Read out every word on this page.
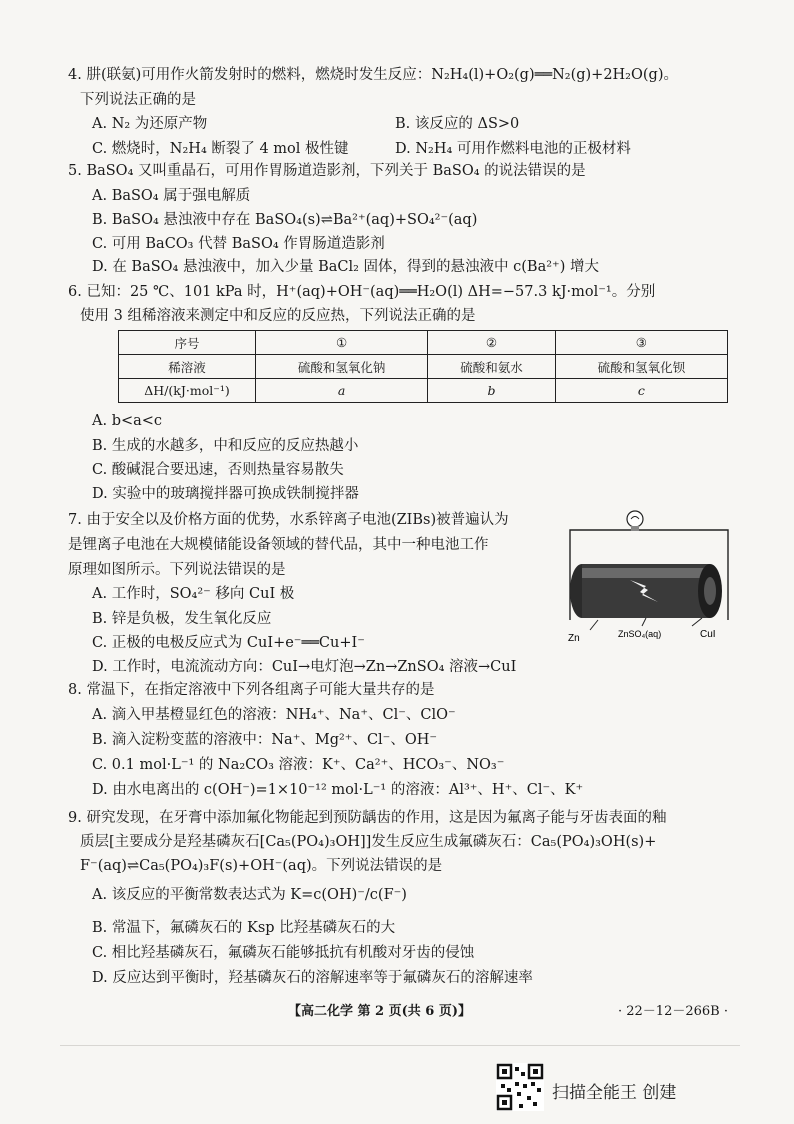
4. 肼(联氨)可用作火箭发射时的燃料，燃烧时发生反应：N₂H₄(l)+O₂(g)══N₂(g)+2H₂O(g)。
下列说法正确的是
A. N₂ 为还原产物	B. 该反应的 ΔS>0
C. 燃烧时，N₂H₄ 断裂了 4 mol 极性键	D. N₂H₄ 可用作燃料电池的正极材料
5. BaSO₄ 又叫重晶石，可用作胃肠道造影剂，下列关于 BaSO₄ 的说法错误的是
A. BaSO₄ 属于强电解质
B. BaSO₄ 悬浊液中存在 BaSO₄(s)⇌Ba²⁺(aq)+SO₄²⁻(aq)
C. 可用 BaCO₃ 代替 BaSO₄ 作胃肠道造影剂
D. 在 BaSO₄ 悬浊液中，加入少量 BaCl₂ 固体，得到的悬浊液中 c(Ba²⁺) 增大
6. 已知：25 ℃、101 kPa 时，H⁺(aq)+OH⁻(aq)══H₂O(l) ΔH=−57.3 kJ·mol⁻¹。分别
使用 3 组稀溶液来测定中和反应的反应热，下列说法正确的是
序号	①	②	③
稀溶液	硫酸和氢氧化钠	硫酸和氨水	硫酸和氢氧化钡
ΔH/(kJ·mol⁻¹)	a	b	c
A. b<a<c
B. 生成的水越多，中和反应的反应热越小
C. 酸碱混合要迅速，否则热量容易散失
D. 实验中的玻璃搅拌器可换成铁制搅拌器
7. 由于安全以及价格方面的优势，水系锌离子电池(ZIBs)被普遍认为
是锂离子电池在大规模储能设备领域的替代品，其中一种电池工作
原理如图所示。下列说法错误的是
A. 工作时，SO₄²⁻ 移向 CuI 极
B. 锌是负极，发生氧化反应
C. 正极的电极反应式为 CuI+e⁻══Cu+I⁻
D. 工作时，电流流动方向：CuI→电灯泡→Zn→ZnSO₄ 溶液→CuI
Zn	ZnSO₄(aq)	CuI
8. 常温下，在指定溶液中下列各组离子可能大量共存的是
A. 滴入甲基橙显红色的溶液：NH₄⁺、Na⁺、Cl⁻、ClO⁻
B. 滴入淀粉变蓝的溶液中：Na⁺、Mg²⁺、Cl⁻、OH⁻
C. 0.1 mol·L⁻¹ 的 Na₂CO₃ 溶液：K⁺、Ca²⁺、HCO₃⁻、NO₃⁻
D. 由水电离出的 c(OH⁻)=1×10⁻¹² mol·L⁻¹ 的溶液：Al³⁺、H⁺、Cl⁻、K⁺
9. 研究发现，在牙膏中添加氟化物能起到预防龋齿的作用，这是因为氟离子能与牙齿表面的釉
质层[主要成分是羟基磷灰石[Ca₅(PO₄)₃OH]]发生反应生成氟磷灰石：Ca₅(PO₄)₃OH(s)+
F⁻(aq)⇌Ca₅(PO₄)₃F(s)+OH⁻(aq)。下列说法错误的是
A. 该反应的平衡常数表达式为 K=c(OH)⁻/c(F⁻)
B. 常温下，氟磷灰石的 Ksp 比羟基磷灰石的大
C. 相比羟基磷灰石，氟磷灰石能够抵抗有机酸对牙齿的侵蚀
D. 反应达到平衡时，羟基磷灰石的溶解速率等于氟磷灰石的溶解速率
【高二化学 第 2 页(共 6 页)】	· 22－12－266B ·
扫描全能王 创建
